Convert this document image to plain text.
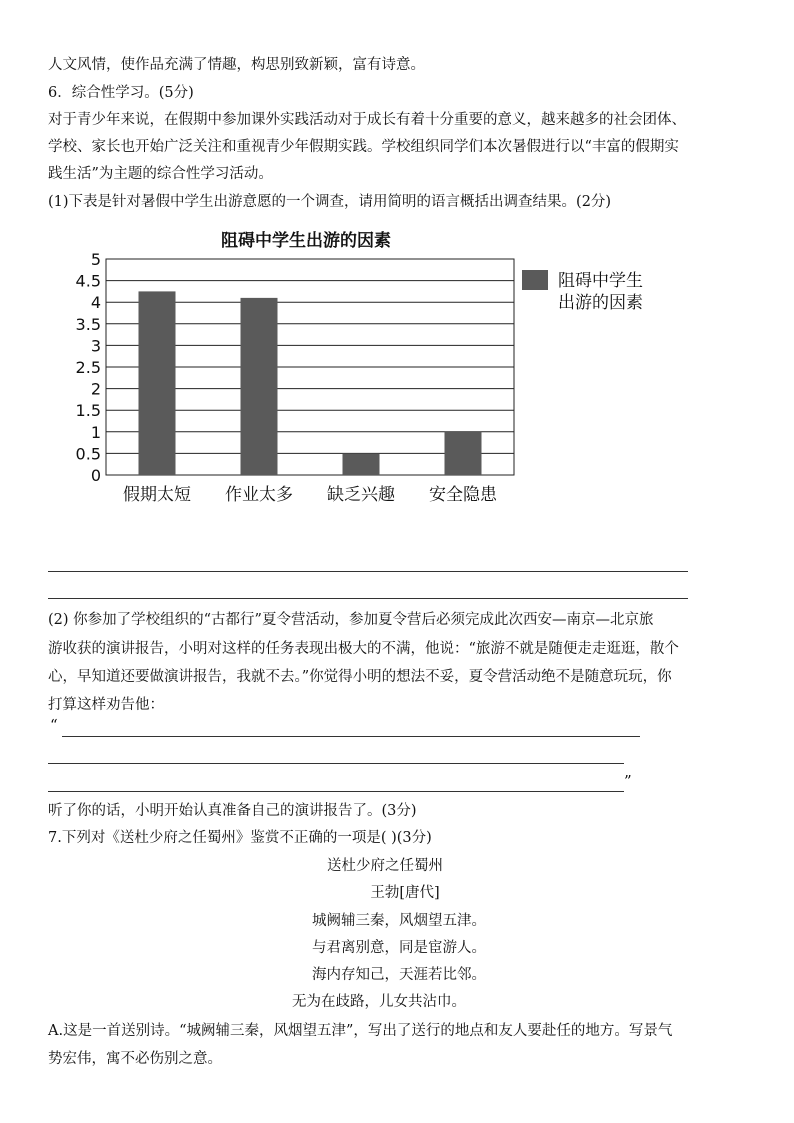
人文风情，使作品充满了情趣，构思别致新颖，富有诗意。
6．综合性学习。(5分)
对于青少年来说，在假期中参加课外实践活动对于成长有着十分重要的意义，越来越多的社会团体、
学校、家长也开始广泛关注和重视青少年假期实践。学校组织同学们本次暑假进行以“丰富的假期实
践生活”为主题的综合性学习活动。
(1)下表是针对暑假中学生出游意愿的一个调查，请用简明的语言概括出调查结果。(2分)
阻碍中学生出游的因素
0
0.5
1
1.5
2
2.5
3
3.5
4
4.5
5
假期太短 作业太多 缺乏兴趣 安全隐患
阻碍中学生
出游的因素
(2) 你参加了学校组织的“古都行”夏令营活动，参加夏令营后必须完成此次西安—南京—北京旅
游收获的演讲报告，小明对这样的任务表现出极大的不满，他说：“旅游不就是随便走走逛逛，散个
心，早知道还要做演讲报告，我就不去。”你觉得小明的想法不妥，夏令营活动绝不是随意玩玩，你
打算这样劝告他：
“
”
听了你的话，小明开始认真准备自己的演讲报告了。(3分)
7.下列对《送杜少府之任蜀州》鉴赏不正确的一项是( )(3分)
送杜少府之任蜀州
王勃[唐代]
城阙辅三秦，风烟望五津。
与君离别意，同是宦游人。
海内存知己，天涯若比邻。
无为在歧路，儿女共沾巾。
A.这是一首送别诗。“城阙辅三秦，风烟望五津”，写出了送行的地点和友人要赴任的地方。写景气
势宏伟，寓不必伤别之意。
